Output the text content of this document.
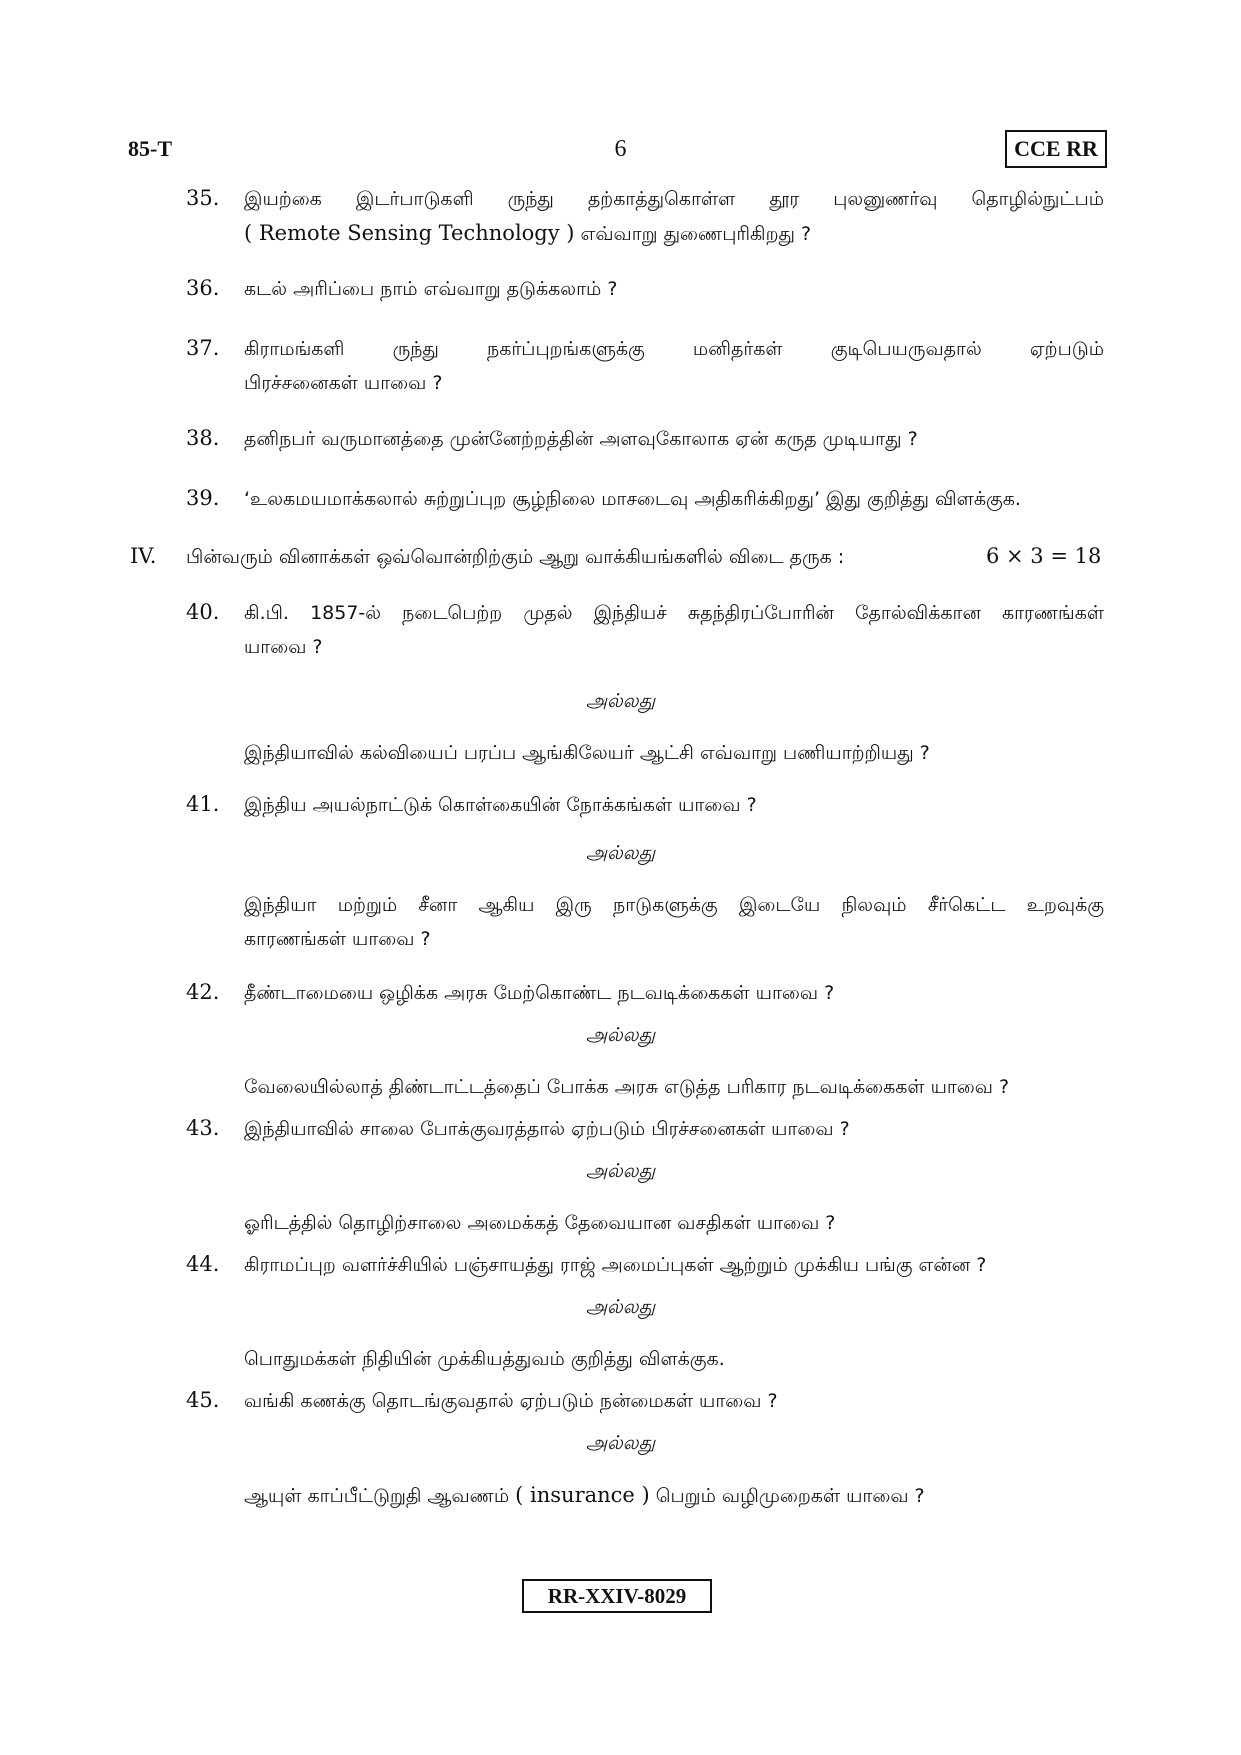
85-T	6	CCE RR
35.	இயற்கை இடர்பாடுகளி ருந்து தற்காத்துகொள்ள தூர புலனுணர்வு தொழில்நுட்பம்
( Remote Sensing Technology ) எவ்வாறு துணைபுரிகிறது ?
36.	கடல் அரிப்பை நாம் எவ்வாறு தடுக்கலாம் ?
37.	கிராமங்களி ருந்து நகர்ப்புறங்களுக்கு மனிதர்கள் குடிபெயருவதால் ஏற்படும்
பிரச்சனைகள் யாவை ?
38.	தனிநபர் வருமானத்தை முன்னேற்றத்தின் அளவுகோலாக ஏன் கருத முடியாது ?
39.	‘உலகமயமாக்கலால் சுற்றுப்புற சூழ்நிலை மாசடைவு அதிகரிக்கிறது’ இது குறித்து விளக்குக.
IV. பின்வரும் வினாக்கள் ஒவ்வொன்றிற்கும் ஆறு வாக்கியங்களில் விடை தருக :	6 × 3 = 18
40.	கி.பி. 1857-ல் நடைபெற்ற முதல் இந்தியச் சுதந்திரப்போரின் தோல்விக்கான காரணங்கள்
யாவை ?
அல்லது
இந்தியாவில் கல்வியைப் பரப்ப ஆங்கிலேயர் ஆட்சி எவ்வாறு பணியாற்றியது ?
41.	இந்திய அயல்நாட்டுக் கொள்கையின் நோக்கங்கள் யாவை ?
அல்லது
இந்தியா மற்றும் சீனா ஆகிய இரு நாடுகளுக்கு இடையே நிலவும் சீர்கெட்ட உறவுக்கு
காரணங்கள் யாவை ?
42.	தீண்டாமையை ஒழிக்க அரசு மேற்கொண்ட நடவடிக்கைகள் யாவை ?
அல்லது
வேலையில்லாத் திண்டாட்டத்தைப் போக்க அரசு எடுத்த பரிகார நடவடிக்கைகள் யாவை ?
43.	இந்தியாவில் சாலை போக்குவரத்தால் ஏற்படும் பிரச்சனைகள் யாவை ?
அல்லது
ஓரிடத்தில் தொழிற்சாலை அமைக்கத் தேவையான வசதிகள் யாவை ?
44.	கிராமப்புற வளர்ச்சியில் பஞ்சாயத்து ராஜ் அமைப்புகள் ஆற்றும் முக்கிய பங்கு என்ன ?
அல்லது
பொதுமக்கள் நிதியின் முக்கியத்துவம் குறித்து விளக்குக.
45.	வங்கி கணக்கு தொடங்குவதால் ஏற்படும் நன்மைகள் யாவை ?
அல்லது
ஆயுள் காப்பீட்டுறுதி ஆவணம் ( insurance ) பெறும் வழிமுறைகள் யாவை ?
RR-XXIV-8029
